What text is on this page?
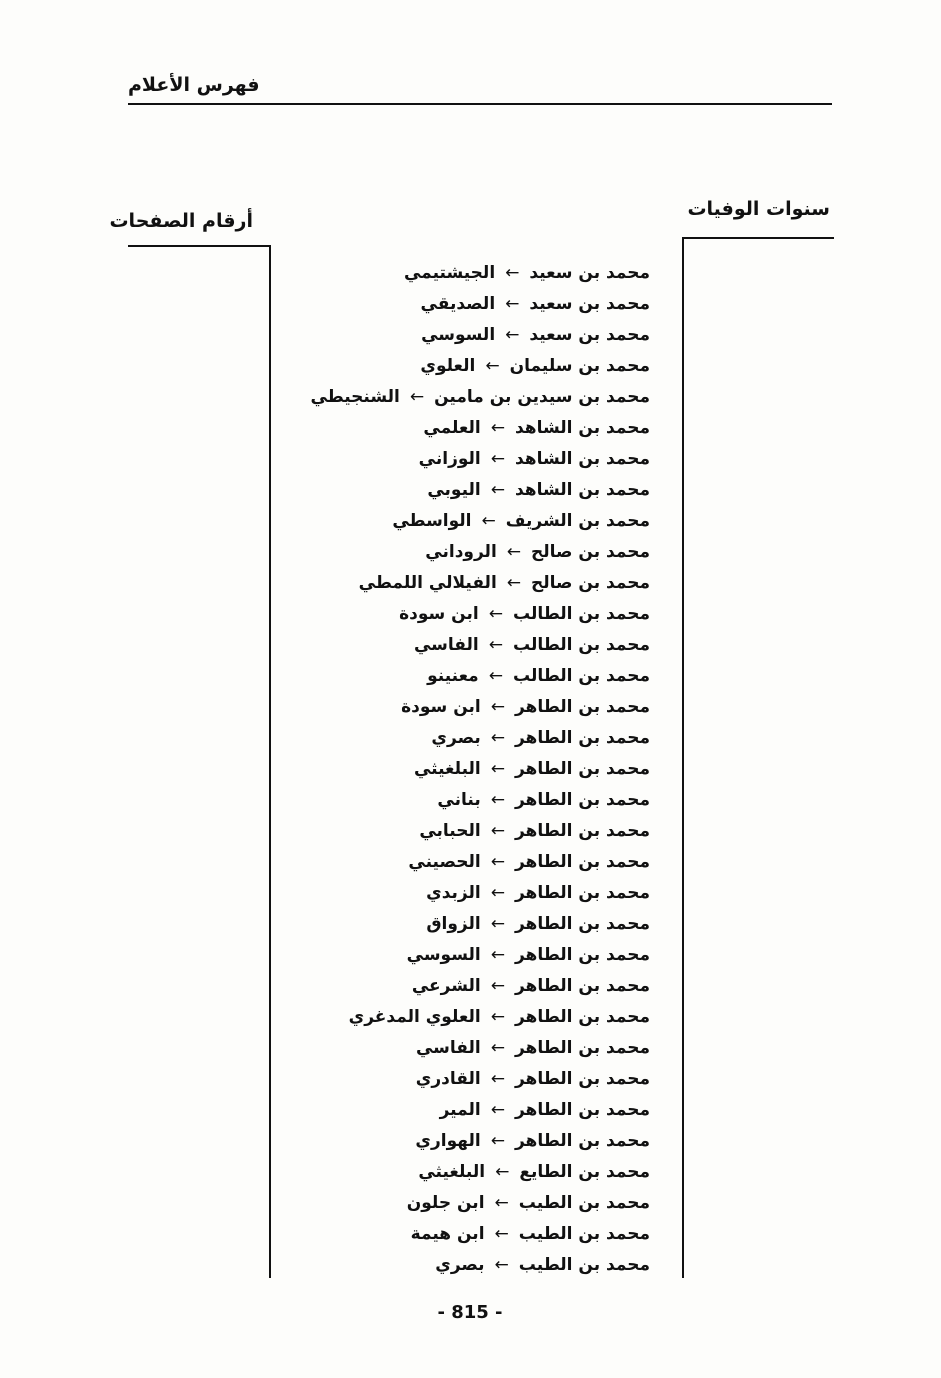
فهرس الأعلام
سنوات الوفيات
أرقام الصفحات
محمد بن سعيد←الجيشتيمي
محمد بن سعيد←الصديقي
محمد بن سعيد←السوسي
محمد بن سليمان←العلوي
محمد بن سيدين بن مامين←الشنجيطي
محمد بن الشاهد←العلمي
محمد بن الشاهد←الوزاني
محمد بن الشاهد←اليوبي
محمد بن الشريف←الواسطي
محمد بن صالح←الروداني
محمد بن صالح←الفيلالي اللمطي
محمد بن الطالب←ابن سودة
محمد بن الطالب←الفاسي
محمد بن الطالب←معنينو
محمد بن الطاهر←ابن سودة
محمد بن الطاهر←بصري
محمد بن الطاهر←البلغيثي
محمد بن الطاهر←بناني
محمد بن الطاهر←الحبابي
محمد بن الطاهر←الحصيني
محمد بن الطاهر←الزبدي
محمد بن الطاهر←الزواق
محمد بن الطاهر←السوسي
محمد بن الطاهر←الشرعي
محمد بن الطاهر←العلوي المدغري
محمد بن الطاهر←الفاسي
محمد بن الطاهر←القادري
محمد بن الطاهر←المير
محمد بن الطاهر←الهواري
محمد بن الطايع←البلغيثي
محمد بن الطيب←ابن جلون
محمد بن الطيب←ابن هيمة
محمد بن الطيب←بصري
- 815 -
